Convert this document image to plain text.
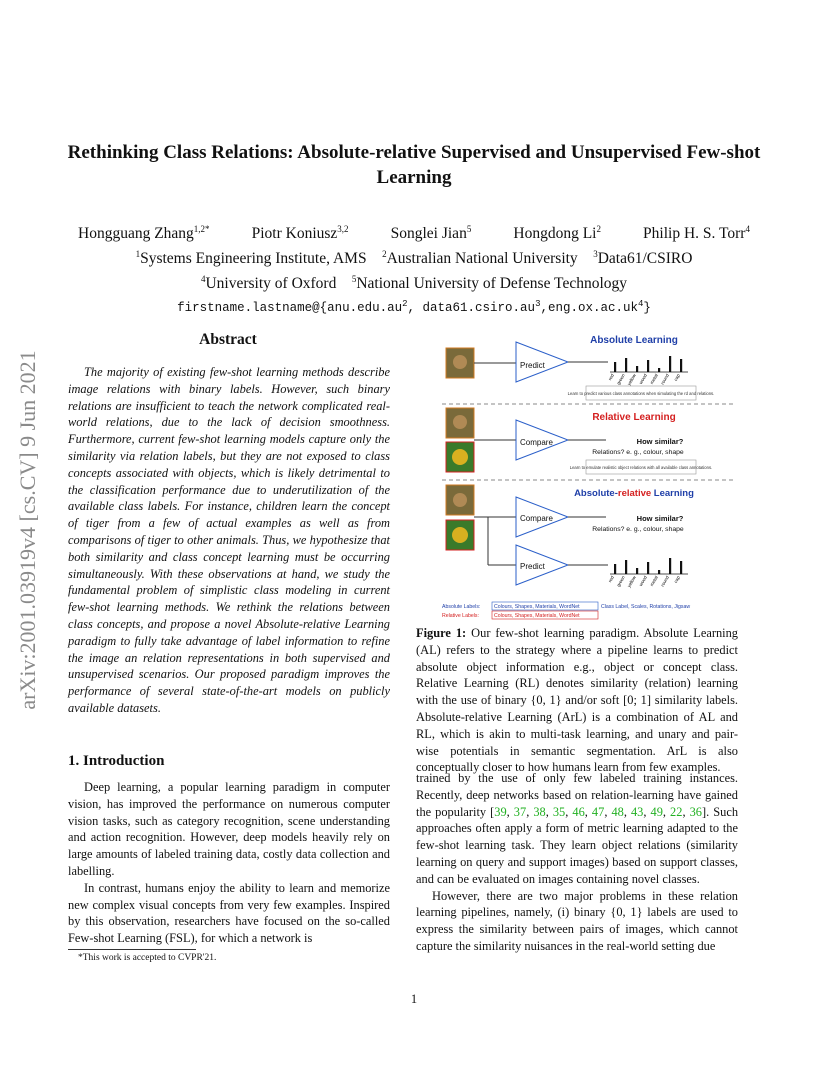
Rethinking Class Relations: Absolute-relative Supervised and Unsupervised Few-shot Learning
Hongguang Zhang$^{1,2*}$	Piotr Koniusz$^{3,2}$	Songlei Jian$^5$	Hongdong Li$^2$	Philip H. S. Torr$^4$
$^1$Systems Engineering Institute, AMS $^2$Australian National University $^3$Data61/CSIRO
$^4$University of Oxford $^5$National University of Defense Technology
$firstname.lastname@\{anu.edu.au^2$, $data61.csiro.au^3,eng.ox.ac.uk^4$}
arXiv:2001.03919v4 [cs.CV] 9 Jun 2021
Abstract
The majority of existing few-shot learning methods describe image relations with binary labels. However, such binary relations are insufficient to teach the network complicated real-world relations, due to the lack of decision smoothness. Furthermore, current few-shot learning models capture only the similarity via relation labels, but they are not exposed to class concepts associated with objects, which is likely detrimental to the classification performance due to underutilization of the available class labels. For instance, children learn the concept of tiger from a few of actual examples as well as from comparisons of tiger to other animals. Thus, we hypothesize that both similarity and class concept learning must be occurring simultaneously. With these observations at hand, we study the fundamental problem of simplistic class modeling in current few-shot learning methods. We rethink the relations between class concepts, and propose a novel Absolute-relative Learning paradigm to fully take advantage of label information to refine the image an relation representations in both supervised and unsupervised scenarios. Our proposed paradigm improves the performance of several state-of-the-art models on publicly available datasets.
1. Introduction

Deep learning, a popular learning paradigm in computer vision, has improved the performance on numerous computer vision tasks, such as category recognition, scene understanding and action recognition. However, deep models heavily rely on large amounts of labeled training data, costly data collection and labelling.

In contrast, humans enjoy the ability to learn and memorize new complex visual concepts from very few examples. Inspired by this observation, researchers have focused on the so-called Few-shot Learning (FSL), for which a network is

*This work is accepted to CVPR'21.
Absolute Learning
Predict
red green yellow wood metal round cap
Learn to predict various class annotations when simulating the rd and relations.
Relative Learning
Compare	How similar?
Relations? e. g., colour, shape
Learn to emulate realistic object relations with all available class annotations.
Absolute-relative Learning
Compare	How similar?
Relations? e. g., colour, shape
Predict
red green yellow wood metal round cap
Absolute Labels:	Colours, Shapes, Materials, WordNet	Class Label, Scales, Rotations, Jigsaw
Relative Labels:	Colours, Shapes, Materials, WordNet
Figure 1: Our few-shot learning paradigm. Absolute Learning (AL) refers to the strategy where a pipeline learns to predict absolute object information e.g., object or concept class. Relative Learning (RL) denotes similarity (relation) learning with the use of binary {0, 1} and/or soft [0; 1] similarity labels. Absolute-relative Learning (ArL) is a combination of AL and RL, which is akin to multi-task learning, and unary and pair-wise potentials in semantic segmentation. ArL is also conceptually closer to how humans learn from few examples.

trained by the use of only few labeled training instances. Recently, deep networks based on relation-learning have gained the popularity [39, 37, 38, 35, 46, 47, 48, 43, 49, 22, 36]. Such approaches often apply a form of metric learning adapted to the few-shot learning task. They learn object relations (similarity learning on query and support images) based on support classes, and can be evaluated on images containing novel classes.

However, there are two major problems in these relation learning pipelines, namely, (i) binary {0, 1} labels are used to express the similarity between pairs of images, which cannot capture the similarity nuisances in the real-world setting due

1
